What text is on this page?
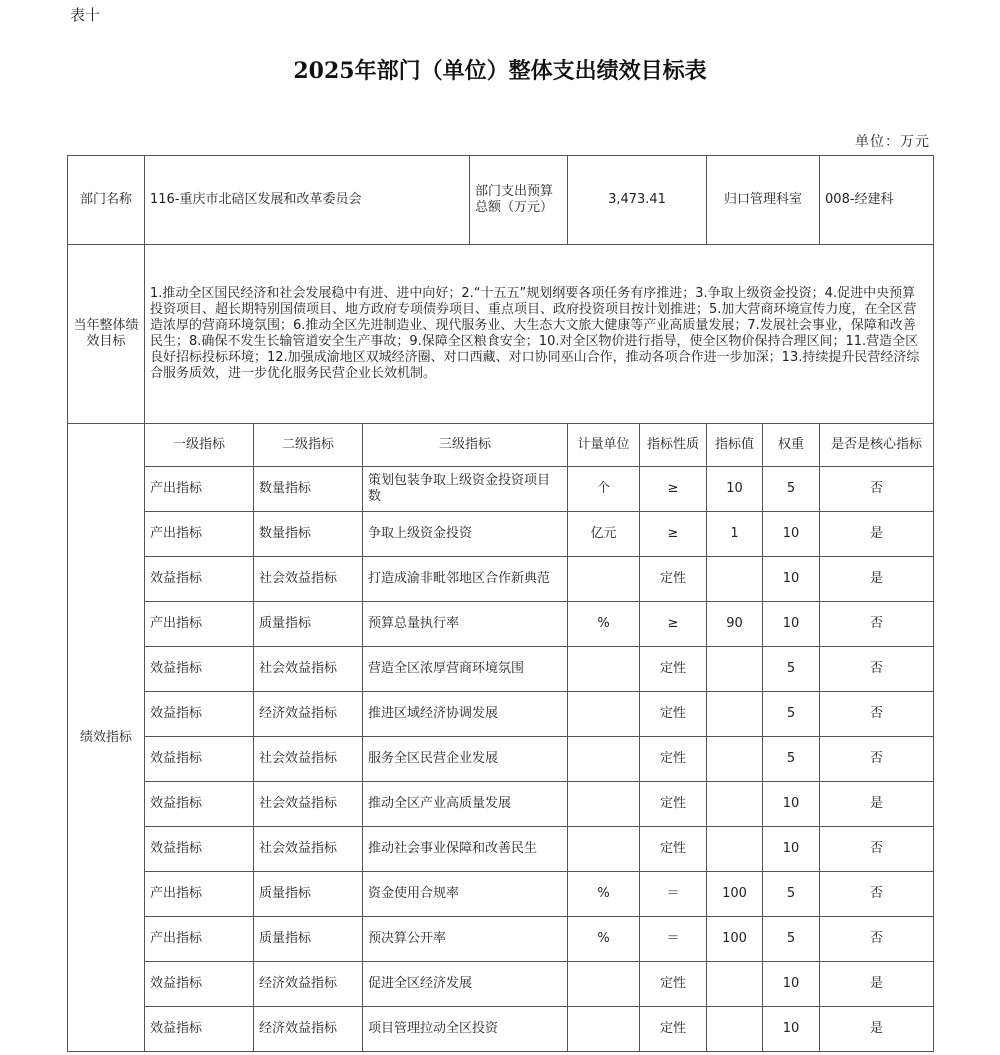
表十
2025年部门（单位）整体支出绩效目标表
单位：万元
部门名称	116-重庆市北碚区发展和改革委员会			部门支出预算总额（万元）	3,473.41		归口管理科室		008-经建科
当年整体绩效目标	1.推动全区国民经济和社会发展稳中有进、进中向好；2.“十五五”规划纲要各项任务有序推进；3.争取上级资金投资；4.促进中央预算投资项目、超长期特别国债项目、地方政府专项债券项目、重点项目、政府投资项目按计划推进；5.加大营商环境宣传力度，在全区营造浓厚的营商环境氛围；6.推动全区先进制造业、现代服务业、大生态大文旅大健康等产业高质量发展；7.发展社会事业，保障和改善民生；8.确保不发生长输管道安全生产事故；9.保障全区粮食安全；10.对全区物价进行指导，使全区物价保持合理区间；11.营造全区良好招标投标环境；12.加强成渝地区双城经济圈、对口西藏、对口协同巫山合作，推动各项合作进一步加深；13.持续提升民营经济综合服务质效，进一步优化服务民营企业长效机制。								
绩效指标	一级指标	二级指标	三级指标		计量单位	指标性质	指标值	权重	是否是核心指标
	产出指标	数量指标	策划包装争取上级资金投资项目数		个	≥	10	5	否
	产出指标	数量指标	争取上级资金投资		亿元	≥	1	10	是
	效益指标	社会效益指标	打造成渝非毗邻地区合作新典范			定性		10	是
	产出指标	质量指标	预算总量执行率		%	≥	90	10	否
	效益指标	社会效益指标	营造全区浓厚营商环境氛围			定性		5	否
	效益指标	经济效益指标	推进区域经济协调发展			定性		5	否
	效益指标	社会效益指标	服务全区民营企业发展			定性		5	否
	效益指标	社会效益指标	推动全区产业高质量发展			定性		10	是
	效益指标	社会效益指标	推动社会事业保障和改善民生			定性		10	否
	产出指标	质量指标	资金使用合规率		%	＝	100	5	否
	产出指标	质量指标	预决算公开率		%	＝	100	5	否
	效益指标	经济效益指标	促进全区经济发展			定性		10	是
	效益指标	经济效益指标	项目管理拉动全区投资			定性		10	是
